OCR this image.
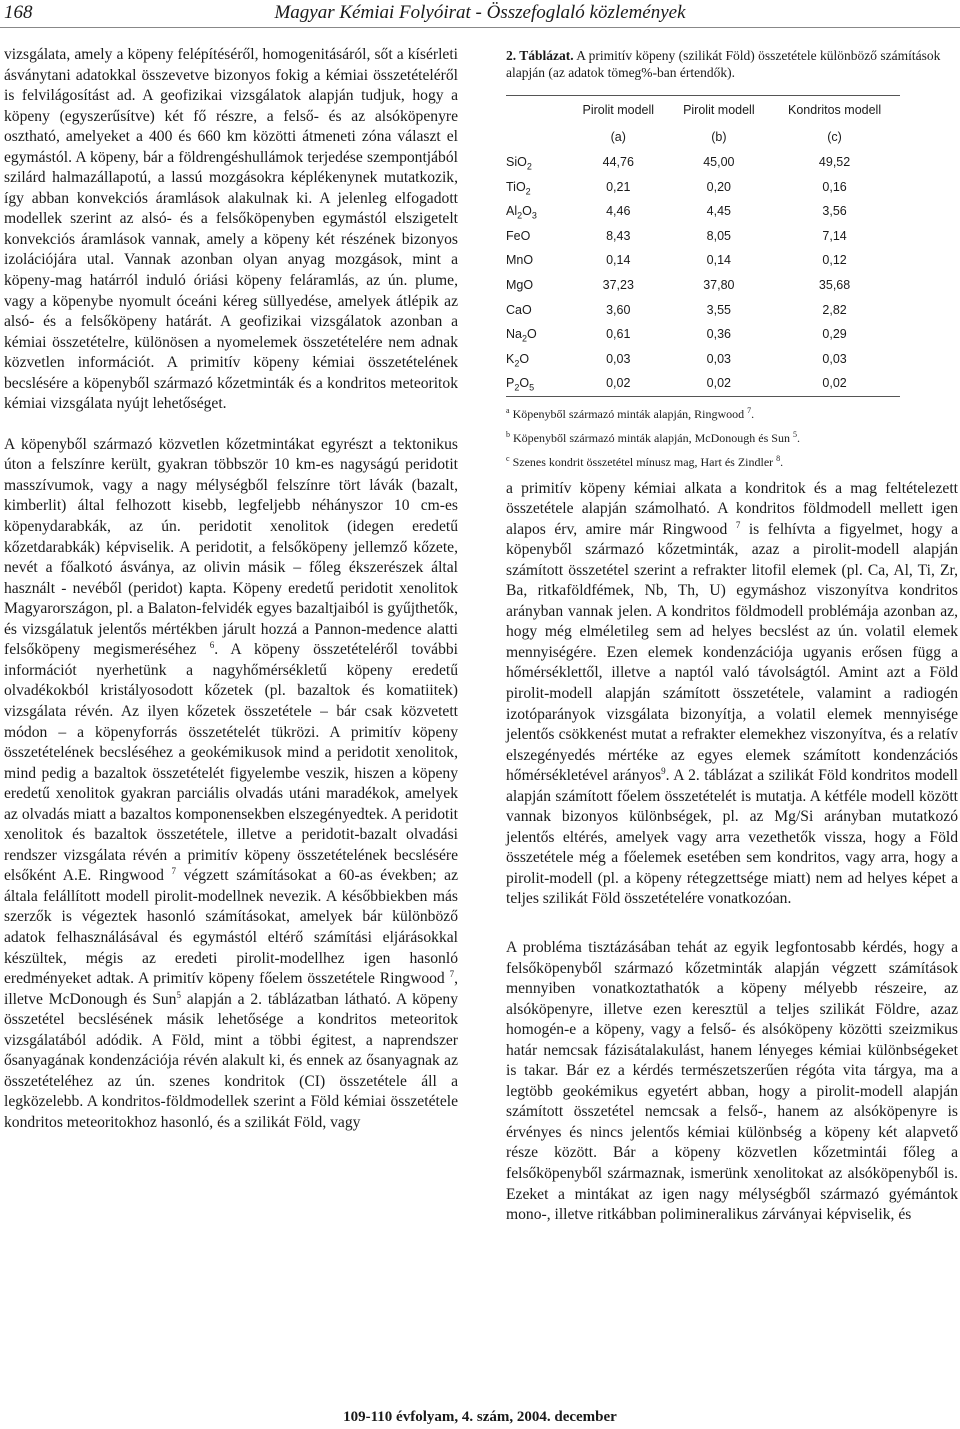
168	Magyar Kémiai Folyóirat - Összefoglaló közlemények

vizsgálata, amely a köpeny felépítéséről, homogenitásáról, sőt a kísérleti ásványtani adatokkal összevetve bizonyos fokig a kémiai összetételéről is felvilágosítást ad. A geofizikai vizsgálatok alapján tudjuk, hogy a köpeny (egyszerűsítve) két fő részre, a felső- és az alsóköpenyre osztható, amelyeket a 400 és 660 km közötti átmeneti zóna választ el egymástól. A köpeny, bár a földrengéshullámok terjedése szempontjából szilárd halmazállapotú, a lassú mozgásokra képlékenynek mutatkozik, így abban konvekciós áramlások alakulnak ki. A jelenleg elfogadott modellek szerint az alsó- és a felsőköpenyben egymástól elszigetelt konvekciós áramlások vannak, amely a köpeny két részének bizonyos izolációjára utal. Vannak azonban olyan anyag mozgások, mint a köpeny-mag határról induló óriási köpeny feláramlás, az ún. plume, vagy a köpenybe nyomult óceáni kéreg süllyedése, amelyek átlépik az alsó- és a felsőköpeny határát. A geofizikai vizsgálatok azonban a kémiai összetételre, különösen a nyomelemek összetételére nem adnak közvetlen információt. A primitív köpeny kémiai összetételének becslésére a köpenyből származó kőzetminták és a kondritos meteoritok kémiai vizsgálata nyújt lehetőséget.

A köpenyből származó közvetlen kőzetmintákat egyrészt a tektonikus úton a felszínre került, gyakran többször 10 km-es nagyságú peridotit masszívumok, vagy a nagy mélységből felszínre tört lávák (bazalt, kimberlit) által felhozott kisebb, legfeljebb néhányszor 10 cm-es köpenydarabkák, az ún. peridotit xenolitok (idegen eredetű kőzetdarabkák) képviselik. A peridotit, a felsőköpeny jellemző kőzete, nevét a főalkotó ásványa, az olivin másik – főleg ékszerészek által használt - nevéből (peridot) kapta. Köpeny eredetű peridotit xenolitok Magyarországon, pl. a Balaton-felvidék egyes bazaltjaiból is gyűjthetők, és vizsgálatuk jelentős mértékben járult hozzá a Pannon-medence alatti felsőköpeny megismeréséhez $^6$. A köpeny összetételéről további információt nyerhetünk a nagyhőmérsékletű köpeny eredetű olvadékokból kristályosodott kőzetek (pl. bazaltok és komatiitek) vizsgálata révén. Az ilyen kőzetek összetétele – bár csak közvetett módon – a köpenyforrás összetételét tükrözi. A primitív köpeny összetételének becsléséhez a geokémikusok mind a peridotit xenolitok, mind pedig a bazaltok összetételét figyelembe veszik, hiszen a köpeny eredetű xenolitok gyakran parciális olvadás utáni maradékok, amelyek az olvadás miatt a bazaltos komponensekben elszegényedtek. A peridotit xenolitok és bazaltok összetétele, illetve a peridotit-bazalt olvadási rendszer vizsgálata révén a primitív köpeny összetételének becslésére elsőként A.E. Ringwood $^7$ végzett számításokat a 60-as években; az általa felállított modell pirolit-modellnek nevezik. A későbbiekben más szerzők is végeztek hasonló számításokat, amelyek bár különböző adatok felhasználásával és egymástól eltérő számítási eljárásokkal készültek, mégis az eredeti pirolit-modellhez igen hasonló eredményeket adtak. A primitív köpeny főelem összetétele Ringwood $^7$, illetve McDonough és Sun$^5$ alapján a 2. táblázatban látható. A köpeny összetétel becslésének másik lehetősége a kondritos meteoritok vizsgálatából adódik. A Föld, mint a többi égitest, a naprendszer ősanyagának kondenzációja révén alakult ki, és ennek az ősanyagnak az összetételéhez az ún. szenes kondritok (CI) összetétele áll a legközelebb. A kondritos-földmodellek szerint a Föld kémiai összetétele kondritos meteoritokhoz hasonló, és a szilikát Föld, vagy

2. Táblázat. A primitív köpeny (szilikát Föld) összetétele különböző számítások alapján (az adatok tömeg%-ban értendők).
	Pirolit modell	Pirolit modell	Kondritos modell
	(a)	(b)	(c)
SiO$_2$	44,76	45,00	49,52
TiO$_2$	0,21	0,20	0,16
$Al_2O_3$	4,46	4,45	3,56
FeO	8,43	8,05	7,14
MnO	0,14	0,14	0,12
MgO	37,23	37,80	35,68
CaO	3,60	3,55	2,82
$Na_2O$	0,61	0,36	0,29
$K_2O$	0,03	0,03	0,03
$P_2O_5$	0,02	0,02	0,02

$^a$ Köpenyből származó minták alapján, Ringwood $^7$.

$^b$ Köpenyből származó minták alapján, McDonough és Sun $^5$.

$^c$ Szenes kondrit összetétel mínusz mag, Hart és Zindler $^8$.

a primitív köpeny kémiai alkata a kondritok és a mag feltételezett összetétele alapján számolható. A kondritos földmodell mellett igen alapos érv, amire már Ringwood $^7$ is felhívta a figyelmet, hogy a köpenyből származó kőzetminták, azaz a pirolit-modell alapján számított összetétel szerint a refrakter litofil elemek (pl. Ca, Al, Ti, Zr, Ba, ritkaföldfémek, Nb, Th, U) egymáshoz viszonyítva kondritos arányban vannak jelen. A kondritos földmodell problémája azonban az, hogy még elméletileg sem ad helyes becslést az ún. volatil elemek mennyiségére. Ezen elemek kondenzációja ugyanis erősen függ a hőmérséklettől, illetve a naptól való távolságtól. Amint azt a Föld pirolit-modell alapján számított összetétele, valamint a radiogén izotóparányok vizsgálata bizonyítja, a volatil elemek mennyisége jelentős csökkenést mutat a refrakter elemekhez viszonyítva, és a relatív elszegényedés mértéke az egyes elemek számított kondenzációs hőmérsékletével arányos$^9$. A 2. táblázat a szilikát Föld kondritos modell alapján számított főelem összetételét is mutatja. A kétféle modell között vannak bizonyos különbségek, pl. az Mg/Si arányban mutatkozó jelentős eltérés, amelyek vagy arra vezethetők vissza, hogy a Föld összetétele még a főelemek esetében sem kondritos, vagy arra, hogy a pirolit-modell (pl. a köpeny rétegzettsége miatt) nem ad helyes képet a teljes szilikát Föld összetételére vonatkozóan.

A probléma tisztázásában tehát az egyik legfontosabb kérdés, hogy a felsőköpenyből származó kőzetminták alapján végzett számítások mennyiben vonatkoztathatók a köpeny mélyebb részeire, az alsóköpenyre, illetve ezen keresztül a teljes szilikát Földre, azaz homogén-e a köpeny, vagy a felső- és alsóköpeny közötti szeizmikus határ nemcsak fázisátalakulást, hanem lényeges kémiai különbségeket is takar. Bár ez a kérdés természetszerűen régóta vita tárgya, ma a legtöbb geokémikus egyetért abban, hogy a pirolit-modell alapján számított összetétel nemcsak a felső-, hanem az alsóköpenyre is érvényes és nincs jelentős kémiai különbség a köpeny két alapvető része között. Bár a köpeny közvetlen kőzetmintái főleg a felsőköpenyből származnak, ismerünk xenolitokat az alsóköpenyből is. Ezeket a mintákat az igen nagy mélységből származó gyémántok mono-, illetve ritkábban polimineralikus zárványai képviselik, és

109-110 évfolyam, 4. szám, 2004. december
